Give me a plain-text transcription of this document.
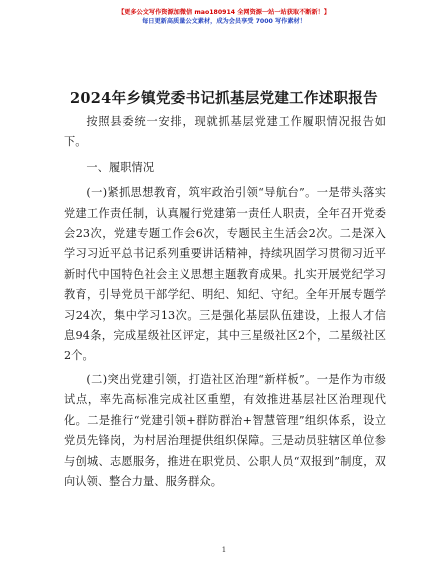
【更多公文写作资源加微信 mao180914 全网资源一站一站获取不断新！】
每日更新高质量公文素材，成为会员享受 7000 写作素材！
2024年乡镇党委书记抓基层党建工作述职报告

按照县委统一安排，现就抓基层党建工作履职情况报告如下。

一、履职情况

(一)紧抓思想教育，筑牢政治引领“导航台”。一是带头落实党建工作责任制，认真履行党建第一责任人职责，全年召开党委会23次，党建专题工作会6次，专题民主生活会2次。二是深入学习习近平总书记系列重要讲话精神，持续巩固学习贯彻习近平新时代中国特色社会主义思想主题教育成果。扎实开展党纪学习教育，引导党员干部学纪、明纪、知纪、守纪。全年开展专题学习24次，集中学习13次。三是强化基层队伍建设，上报人才信息94条，完成星级社区评定，其中三星级社区2个，二星级社区2个。

(二)突出党建引领，打造社区治理“新样板”。一是作为市级试点，率先高标准完成社区重塑，有效推进基层社区治理现代化。二是推行“党建引领+群防群治+智慧管理”组织体系，设立党员先锋岗，为村居治理提供组织保障。三是动员驻辖区单位参与创城、志愿服务，推进在职党员、公职人员“双报到”制度，双向认领、整合力量、服务群众。

1
